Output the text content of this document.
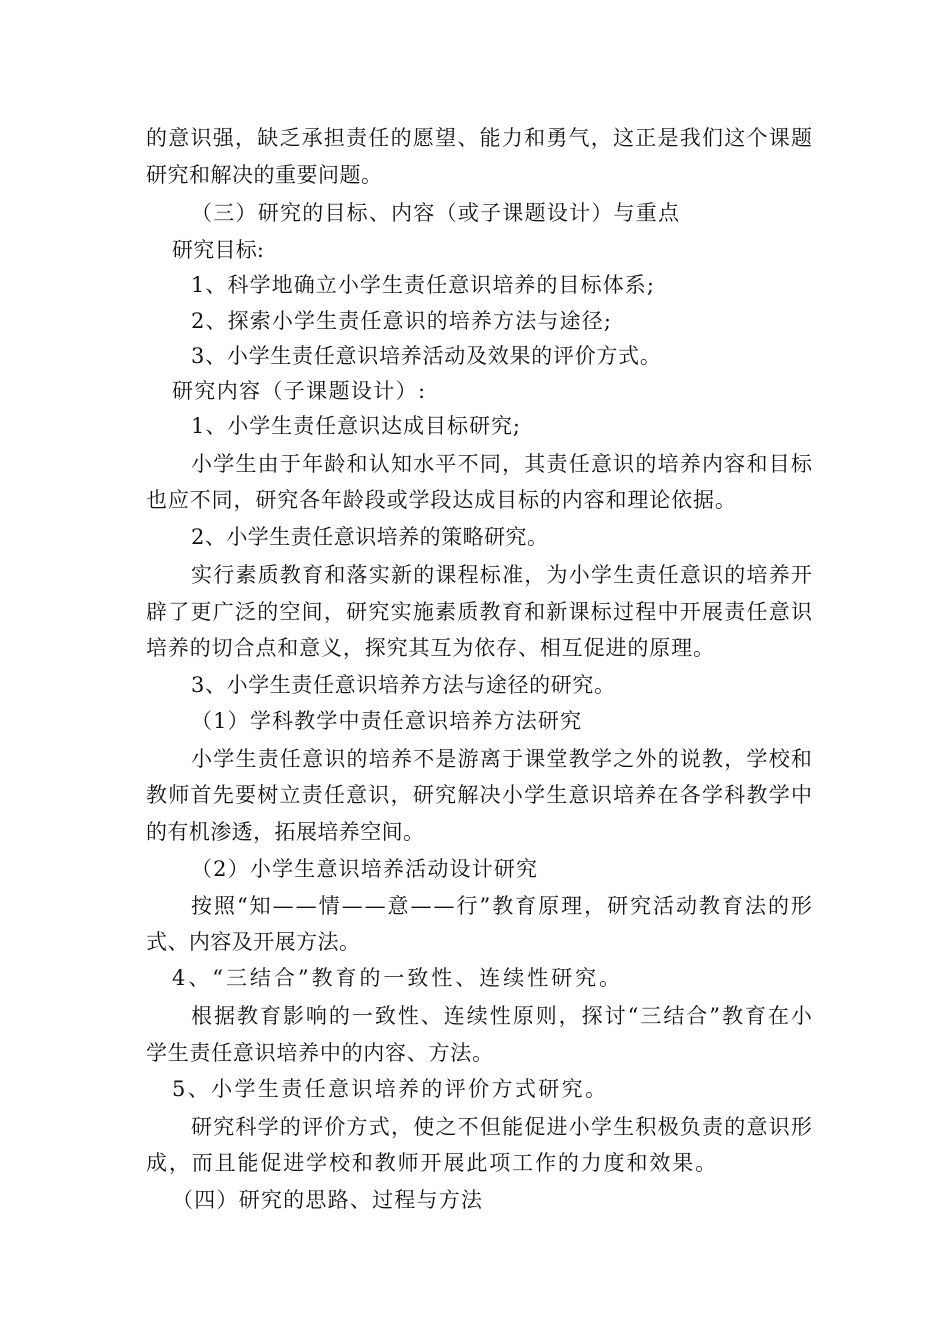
的意识强，缺乏承担责任的愿望、能力和勇气，这正是我们这个课题
研究和解决的重要问题。
（三）研究的目标、内容（或子课题设计）与重点
研究目标:
1、科学地确立小学生责任意识培养的目标体系;
2、探索小学生责任意识的培养方法与途径;
3、小学生责任意识培养活动及效果的评价方式。
研究内容（子课题设计）:
1、小学生责任意识达成目标研究;
小学生由于年龄和认知水平不同，其责任意识的培养内容和目标
也应不同，研究各年龄段或学段达成目标的内容和理论依据。
2、小学生责任意识培养的策略研究。
实行素质教育和落实新的课程标准，为小学生责任意识的培养开
辟了更广泛的空间，研究实施素质教育和新课标过程中开展责任意识
培养的切合点和意义，探究其互为依存、相互促进的原理。
3、小学生责任意识培养方法与途径的研究。
（1）学科教学中责任意识培养方法研究
小学生责任意识的培养不是游离于课堂教学之外的说教，学校和
教师首先要树立责任意识，研究解决小学生意识培养在各学科教学中
的有机渗透，拓展培养空间。
（2）小学生意识培养活动设计研究
按照“知——情——意——行”教育原理，研究活动教育法的形
式、内容及开展方法。
4、“三结合”教育的一致性、连续性研究。
根据教育影响的一致性、连续性原则，探讨“三结合”教育在小
学生责任意识培养中的内容、方法。
5、小学生责任意识培养的评价方式研究。
研究科学的评价方式，使之不但能促进小学生积极负责的意识形
成，而且能促进学校和教师开展此项工作的力度和效果。
（四）研究的思路、过程与方法
